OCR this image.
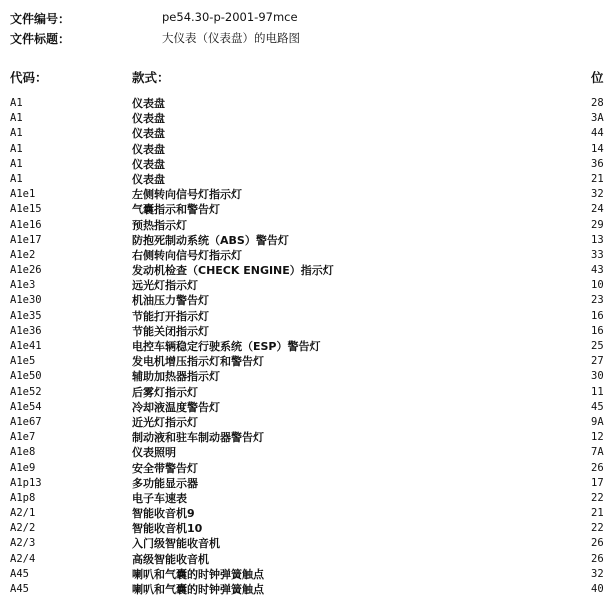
文件编号：	pe54.30-p-2001-97mce
文件标题：	大仪表（仪表盘）的电路图
代码：	款式：	位
A1	仪表盘	28
A1	仪表盘	3A
A1	仪表盘	44
A1	仪表盘	14
A1	仪表盘	36
A1	仪表盘	21
A1e1	左侧转向信号灯指示灯	32
A1e15	气囊指示和警告灯	24
A1e16	预热指示灯	29
A1e17	防抱死制动系统（ABS）警告灯	13
A1e2	右侧转向信号灯指示灯	33
A1e26	发动机检查（CHECK ENGINE）指示灯	43
A1e3	远光灯指示灯	10
A1e30	机油压力警告灯	23
A1e35	节能打开指示灯	16
A1e36	节能关闭指示灯	16
A1e41	电控车辆稳定行驶系统（ESP）警告灯	25
A1e5	发电机增压指示灯和警告灯	27
A1e50	辅助加热器指示灯	30
A1e52	后雾灯指示灯	11
A1e54	冷却液温度警告灯	45
A1e67	近光灯指示灯	9A
A1e7	制动液和驻车制动器警告灯	12
A1e8	仪表照明	7A
A1e9	安全带警告灯	26
A1p13	多功能显示器	17
A1p8	电子车速表	22
A2/1	智能收音机9	21
A2/2	智能收音机10	22
A2/3	入门级智能收音机	26
A2/4	高级智能收音机	26
A45	喇叭和气囊的时钟弹簧触点	32
A45	喇叭和气囊的时钟弹簧触点	40
